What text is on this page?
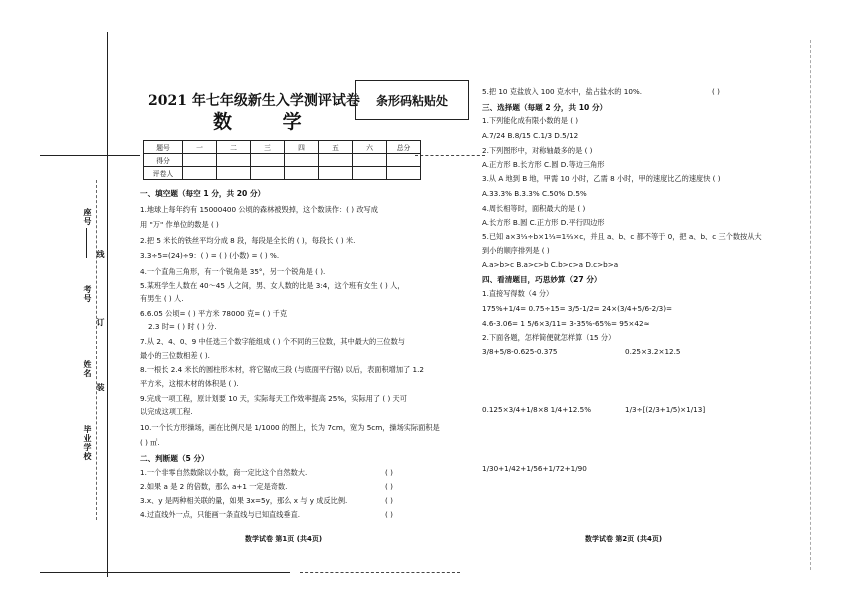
座号
考号
姓名
毕业学校
线
订
装
2021 年七年级新生入学测评试卷
数 学
条形码粘贴处
题号	一	二	三	四	五	六	总分
得分							
评卷人							
一、填空题（每空 1 分，共 20 分）
1.地球上每年约有 15000400 公顷的森林被毁掉，这个数读作：( ) 改写成
用 "万" 作单位的数是 ( )
2.把 5 米长的铁丝平均分成 8 段，每段是全长的 ( )，每段长 ( ) 米.
3.3÷5=(24)÷9：( ) = ( ) (小数) = ( ) %.
4.一个直角三角形，有一个锐角是 35°，另一个锐角是 ( ).
5.某班学生人数在 40～45 人之间，男、女人数的比是 3:4，这个班有女生 ( ) 人，
有男生 ( ) 人.
6.6.05 公顷= ( ) 平方米 78000 克= ( ) 千克
2.3 时= ( ) 时 ( ) 分.
7.从 2、4、0、9 中任选三个数字能组成 ( ) 个不同的三位数，其中最大的三位数与
最小的三位数相差 ( ).
8.一根长 2.4 米长的圆柱形木材，将它锯成三段 (与底面平行锯) 以后，表面积增加了 1.2
平方米，这根木材的体积是 ( ).
9.完成一项工程，原计划要 10 天，实际每天工作效率提高 25%，实际用了 ( ) 天可
以完成这项工程.
10.一个长方形操场，画在比例尺是 1/1000 的图上，长为 7cm，宽为 5cm，操场实际面积是
( ) ㎡.
二、判断题（5 分）
1.一个非零自然数除以小数，商一定比这个自然数大.	( )
2.如果 a 是 2 的倍数，那么 a+1 一定是奇数.	( )
3.x、y 是两种相关联的量，如果 3x=5y，那么 x 与 y 成反比例.	( )
4.过直线外一点，只能画一条直线与已知直线垂直.	( )
数学试卷 第1页 (共4页)
5.把 10 克盐放入 100 克水中，盐占盐水的 10%.	( )
三、选择题（每题 2 分，共 10 分）
1.下列能化成有限小数的是 ( )
A.7/24 B.8/15 C.1/3 D.5/12
2.下列图形中，对称轴最多的是 ( )
A.正方形 B.长方形 C.圆 D.等边三角形
3.从 A 地到 B 地，甲需 10 小时，乙需 8 小时，甲的速度比乙的速度快 ( )
A.33.3% B.3.3% C.50% D.5%
4.周长相等时，面积最大的是 ( )
A.长方形 B.圆 C.正方形 D.平行四边形
5.已知 a×3⅓÷b×1⅓=1⅔×c，并且 a、b、c 都不等于 0，把 a、b、c 三个数按从大
到小的顺序排列是 ( )
A.a>b>c B.a>c>b C.b>c>a D.c>b>a
四、看清题目，巧思妙算（27 分）
1.直接写得数（4 分）
175%+1/4= 0.75÷15= 3/5-1/2= 24×(3/4+5/6-2/3)=
4.6-3.06= 1 5/6×3/11= 3-35%-65%= 95×42≈
2.下面各题，怎样简便就怎样算（15 分）
3/8+5/8-0.625-0.375	0.25×3.2×12.5
0.125×3/4+1/8×8 1/4+12.5%	1/3÷[(2/3+1/5)×1/13]
1/30+1/42+1/56+1/72+1/90
数学试卷 第2页 (共4页)
